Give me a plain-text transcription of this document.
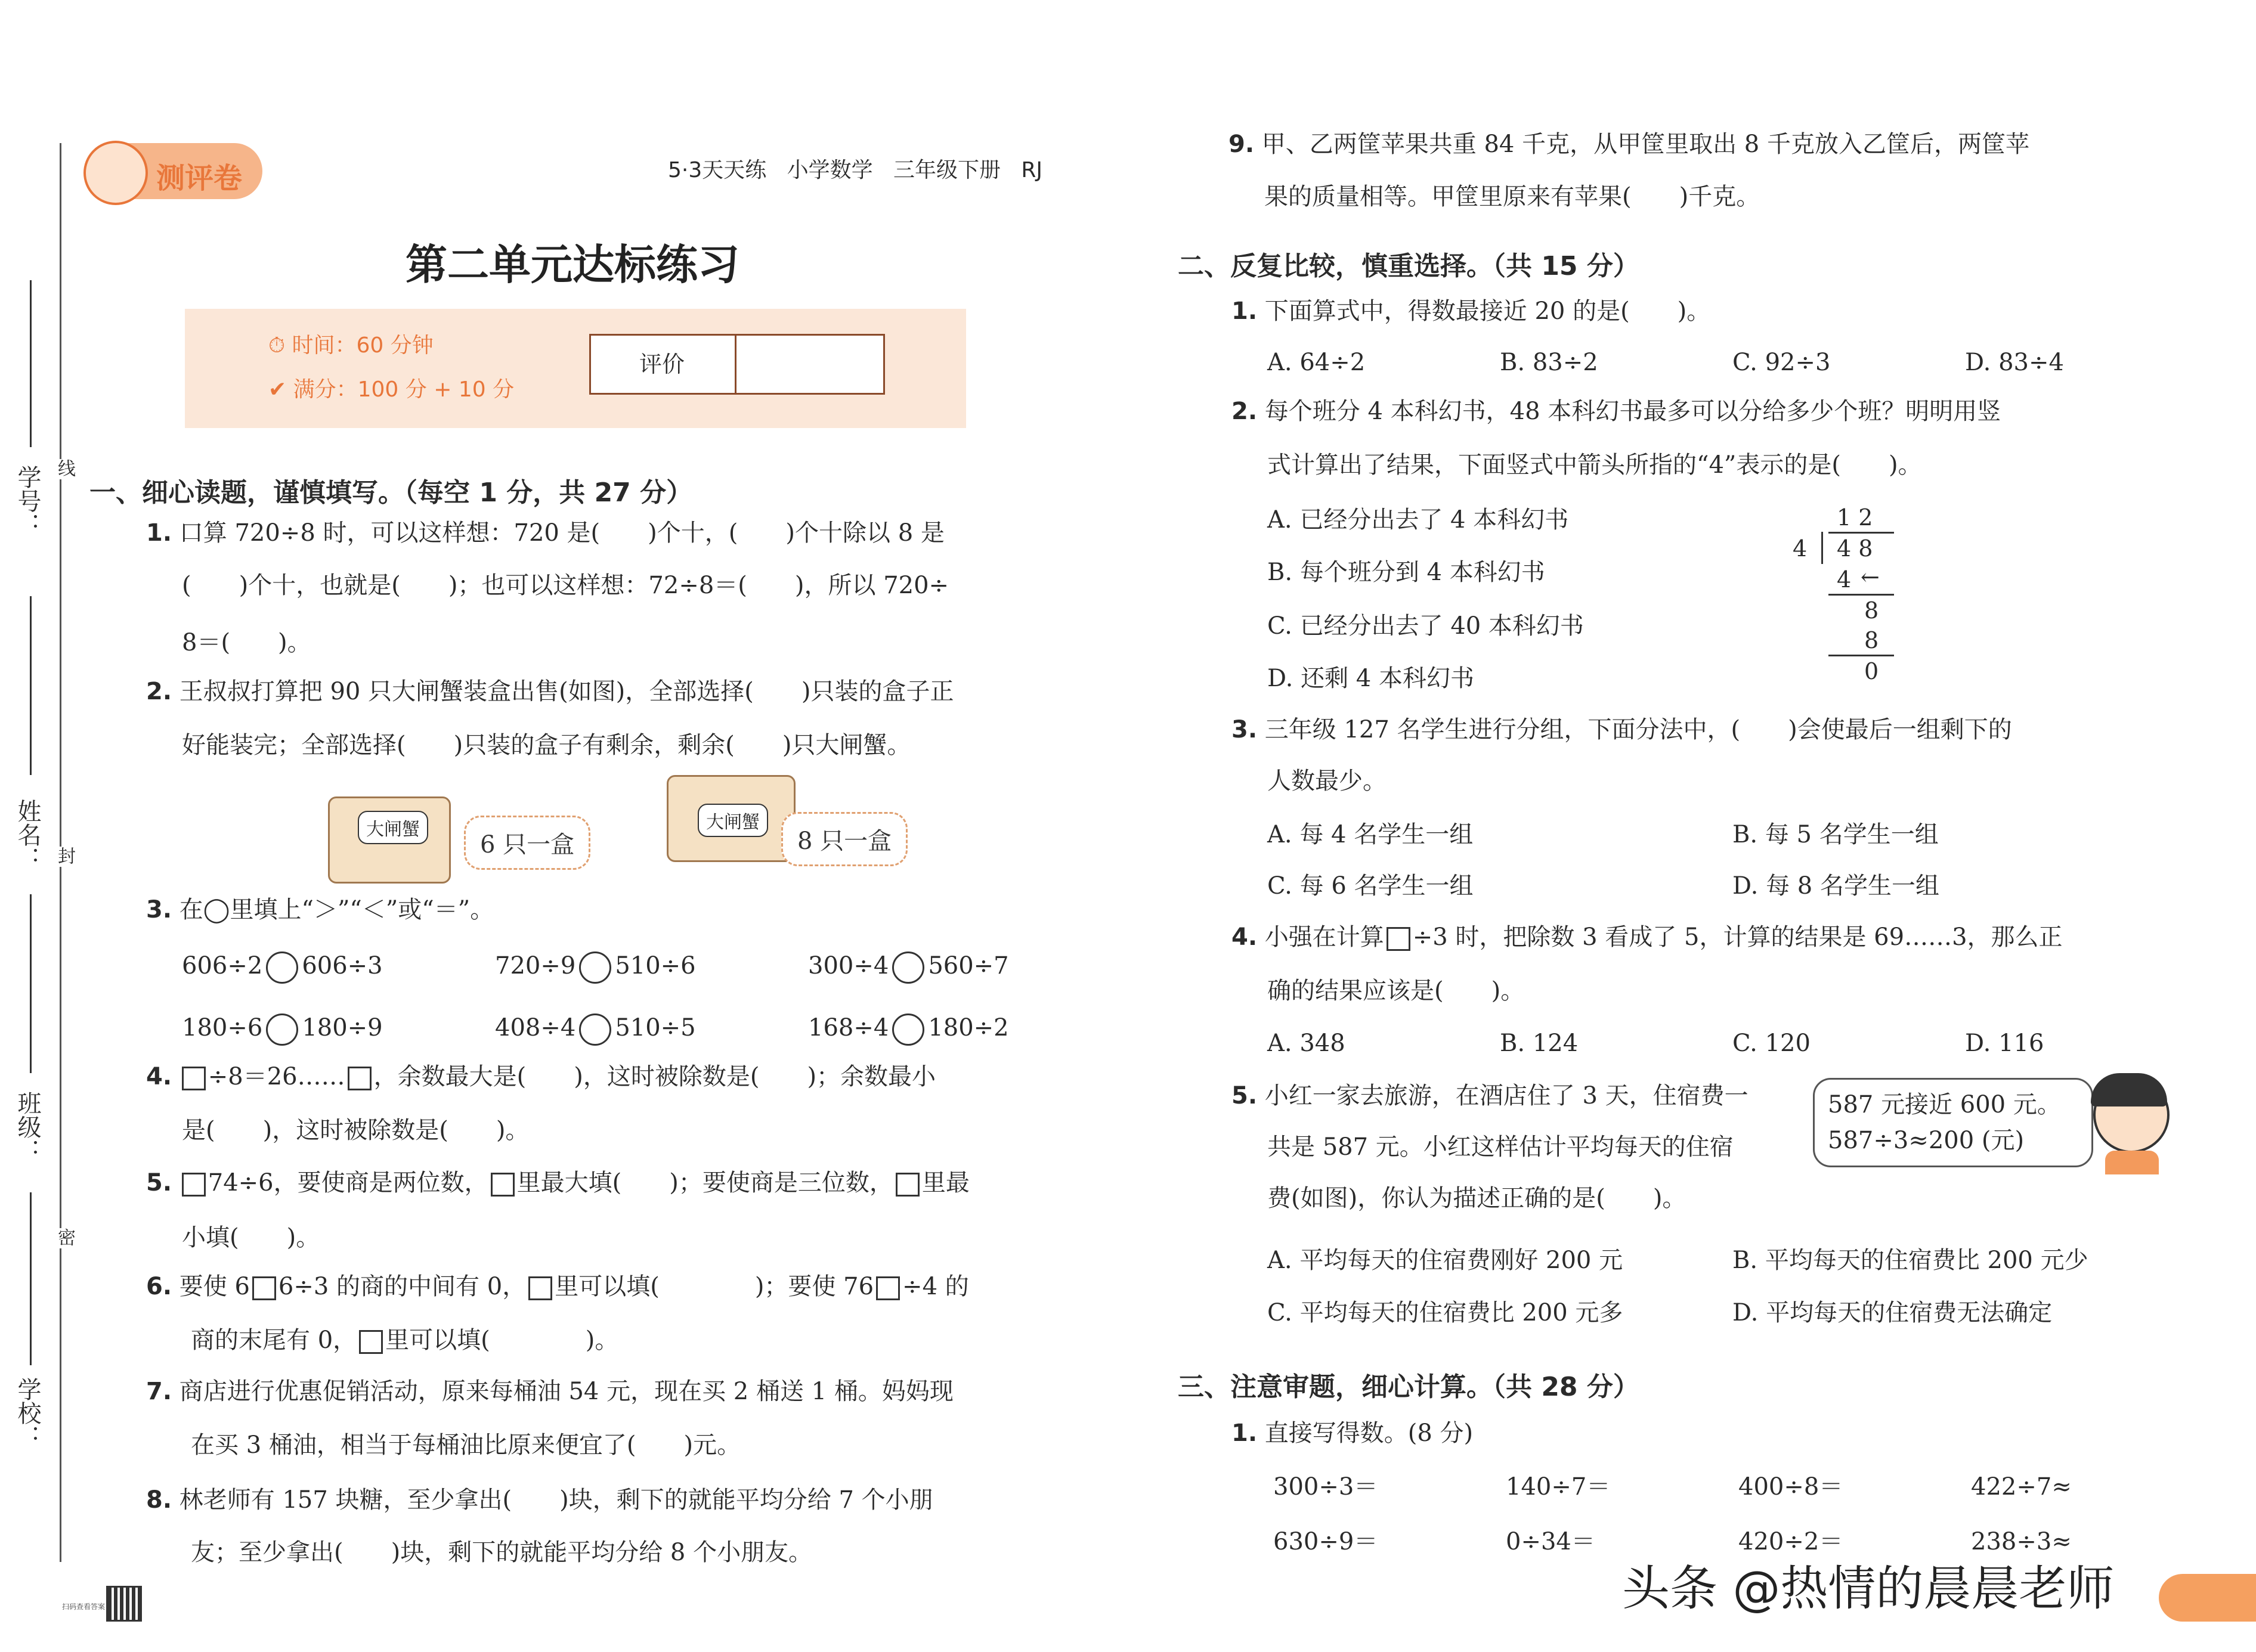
学号：
姓名：
班级：
学校：
线
封
密
测评卷	5·3天天练 小学数学 三年级下册 RJ
第二单元达标练习
⏱ 时间：60 分钟
✔ 满分：100 分 + 10 分
评价
一、细心读题，谨慎填写。（每空 1 分，共 27 分）
1. 口算 720÷8 时，可以这样想：720 是(　　)个十，(　　)个十除以 8 是
(　　)个十，也就是(　　)；也可以这样想：72÷8＝(　　)，所以 720÷
8＝(　　)。
2. 王叔叔打算把 90 只大闸蟹装盒出售(如图)，全部选择(　　)只装的盒子正
好能装完；全部选择(　　)只装的盒子有剩余，剩余(　　)只大闸蟹。
大闸蟹
6 只一盒
大闸蟹
8 只一盒
3. 在◯里填上“＞”“＜”或“＝”。
606÷2 606÷3	720÷9 510÷6	300÷4 560÷7
180÷6 180÷9	408÷4 510÷5	168÷4 180÷2
4. ÷8＝26…… ，余数最大是(　　)，这时被除数是(　　)；余数最小
是(　　)，这时被除数是(　　)。
5. 74÷6，要使商是两位数， 里最大填(　　)；要使商是三位数， 里最
小填(　　)。
6. 要使 6 6÷3 的商的中间有 0， 里可以填(　　　　)；要使 76 ÷4 的
商的末尾有 0， 里可以填(　　　　)。
7. 商店进行优惠促销活动，原来每桶油 54 元，现在买 2 桶送 1 桶。妈妈现
在买 3 桶油，相当于每桶油比原来便宜了(　　)元。
8. 林老师有 157 块糖，至少拿出(　　)块，剩下的就能平均分给 7 个小朋
友；至少拿出(　　)块，剩下的就能平均分给 8 个小朋友。
扫码查看答案
9. 甲、乙两筐苹果共重 84 千克，从甲筐里取出 8 千克放入乙筐后，两筐苹
果的质量相等。甲筐里原来有苹果(　　)千克。
二、反复比较，慎重选择。（共 15 分）
1. 下面算式中，得数最接近 20 的是(　　)。
A. 64÷2	B. 83÷2	C. 92÷3	D. 83÷4
2. 每个班分 4 本科幻书，48 本科幻书最多可以分给多少个班？明明用竖
式计算出了结果，下面竖式中箭头所指的“4”表示的是(　　)。
A. 已经分出去了 4 本科幻书
B. 每个班分到 4 本科幻书
C. 已经分出去了 40 本科幻书
D. 还剩 4 本科幻书
1 2
4 4 8
4 ←
8
8
0
3. 三年级 127 名学生进行分组，下面分法中，(　　)会使最后一组剩下的
人数最少。
A. 每 4 名学生一组	B. 每 5 名学生一组
C. 每 6 名学生一组	D. 每 8 名学生一组
4. 小强在计算 ÷3 时，把除数 3 看成了 5，计算的结果是 69……3，那么正
确的结果应该是(　　)。
A. 348	B. 124	C. 120	D. 116
5. 小红一家去旅游，在酒店住了 3 天，住宿费一
共是 587 元。小红这样估计平均每天的住宿
费(如图)，你认为描述正确的是(　　)。
587 元接近 600 元。
587÷3≈200 (元)
A. 平均每天的住宿费刚好 200 元	B. 平均每天的住宿费比 200 元少
C. 平均每天的住宿费比 200 元多	D. 平均每天的住宿费无法确定
三、注意审题，细心计算。（共 28 分）
1. 直接写得数。(8 分)
300÷3＝	140÷7＝	400÷8＝	422÷7≈
630÷9＝	0÷34＝	420÷2＝	238÷3≈
头条 @热情的晨晨老师
